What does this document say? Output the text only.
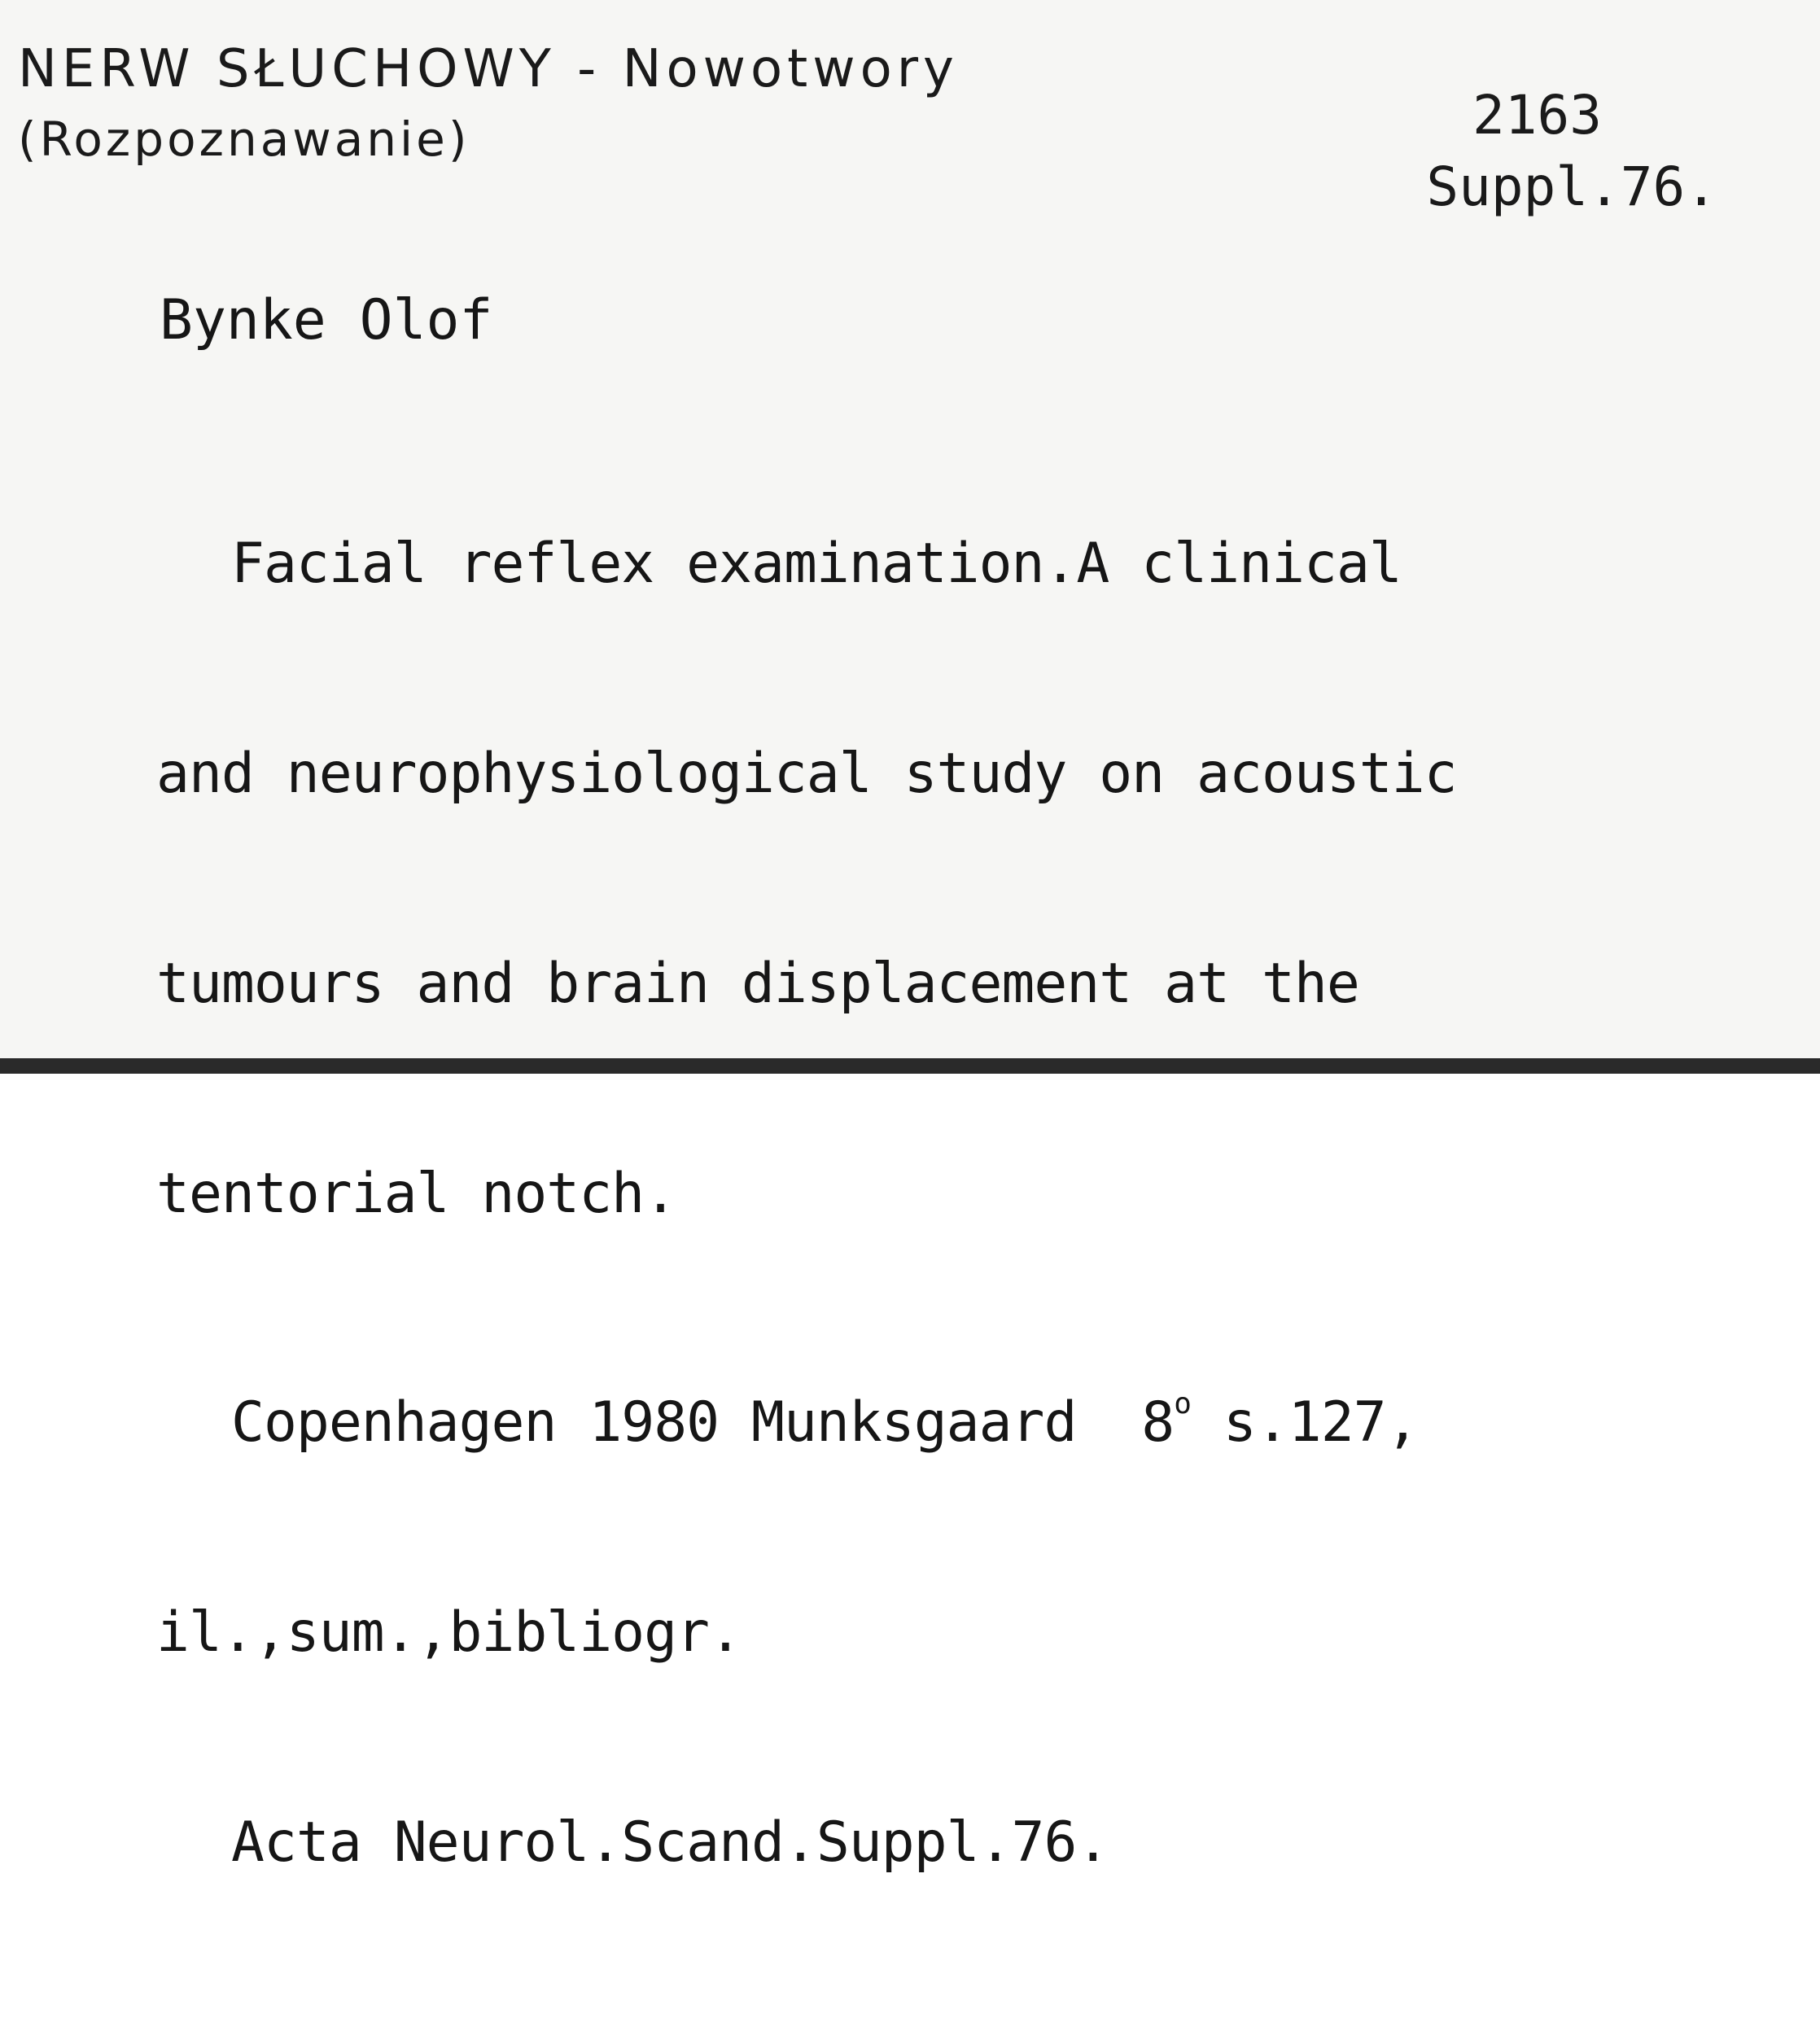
NERW SŁUCHOWY - Nowotwory
(Rozpoznawanie)	2163
Suppl.76.
Bynke Olof

Facial reflex examination.A clinical

and neurophysiological study on acoustic

tumours and brain displacement at the

tentorial notch.

Copenhagen 1980 Munksgaard  8$^o$ s.127,

il.,sum.,bibliogr.

Acta Neurol.Scand.Suppl.76.
